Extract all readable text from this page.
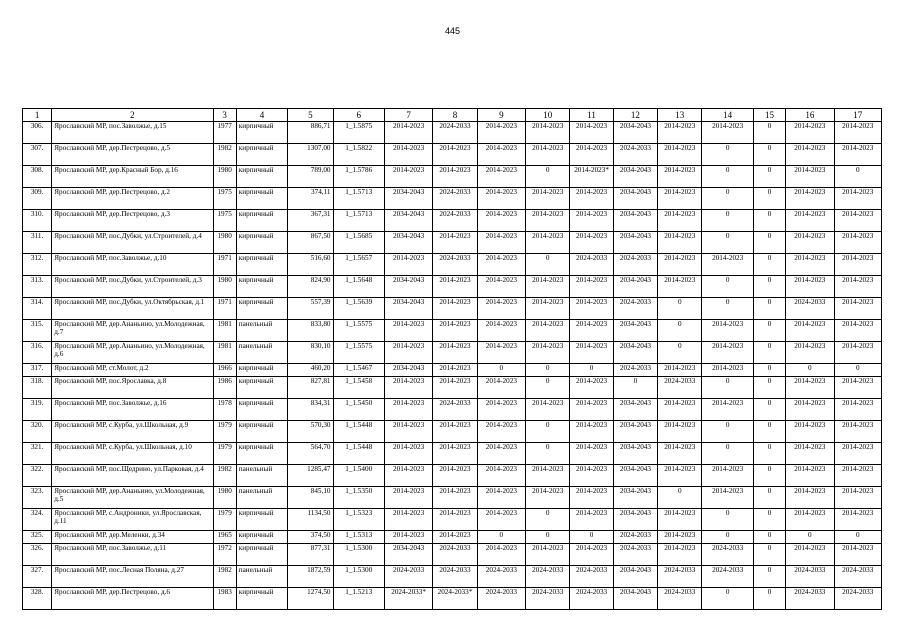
445
1	2	3	4	5	6	7	8	9	10	11	12	13	14	15	16	17
306.	Ярославский МР, пос.Заволжье, д.15	1977	кирпичный	886,71	1_1.5875	2014-2023	2024-2033	2014-2023	2014-2023	2014-2023	2034-2043	2014-2023	2014-2023	0	2014-2023	2014-2023
307.	Ярославский МР, дер.Пестрецово, д.5	1982	кирпичный	1307,00	1_1.5822	2014-2023	2014-2023	2014-2023	2014-2023	2014-2023	2024-2033	2014-2023	0	0	2014-2023	2014-2023
308.	Ярославский МР, дер.Красный Бор, д.16	1980	кирпичный	789,00	1_1.5786	2014-2023	2014-2023	2014-2023	0	2014-2023*	2034-2043	2014-2023	0	0	2014-2023	0
309.	Ярославский МР, дер.Пестрецово, д.2	1975	кирпичный	374,11	1_1.5713	2034-2043	2024-2033	2014-2023	2014-2023	2014-2023	2034-2043	2014-2023	0	0	2014-2023	2014-2023
310.	Ярославский МР, дер.Пестрецово, д.3	1975	кирпичный	367,31	1_1.5713	2034-2043	2024-2033	2014-2023	2014-2023	2014-2023	2034-2043	2014-2023	0	0	2014-2023	2014-2023
311.	Ярославский МР, пос.Дубки, ул.Строителей, д.4	1980	кирпичный	867,50	1_1.5685	2034-2043	2014-2023	2014-2023	2014-2023	2014-2023	2034-2043	2014-2023	0	0	2014-2023	2014-2023
312.	Ярославский МР, пос.Заволжье, д.10	1971	кирпичный	516,60	1_1.5657	2014-2023	2024-2033	2014-2023	0	2024-2033	2024-2033	2014-2023	2014-2023	0	2014-2023	2014-2023
313.	Ярославский МР, пос.Дубки, ул.Строителей, д.3	1980	кирпичный	824,90	1_1.5648	2034-2043	2014-2023	2014-2023	2014-2023	2014-2023	2034-2043	2014-2023	0	0	2014-2023	2014-2023
314.	Ярославский МР, пос.Дубки, ул.Октябрьская, д.1	1971	кирпичный	557,39	1_1.5639	2034-2043	2014-2023	2014-2023	2014-2023	2014-2023	2024-2033	0	0	0	2024-2033	2014-2023
315.	Ярославский МР, дер.Ананьино, ул.Молодежная, д.7	1981	панельный	833,80	1_1.5575	2014-2023	2014-2023	2014-2023	2014-2023	2014-2023	2034-2043	0	2014-2023	0	2014-2023	2014-2023
316.	Ярославский МР, дер.Ананьино, ул.Молодежная, д.6	1981	панельный	830,10	1_1.5575	2014-2023	2014-2023	2014-2023	2014-2023	2014-2023	2034-2043	0	2014-2023	0	2014-2023	2014-2023
317.	Ярославский МР, ст.Молот, д.2	1966	кирпичный	460,20	1_1.5467	2034-2043	2014-2023	0	0	0	2024-2033	2014-2023	2014-2023	0	0	0
318.	Ярославский МР, пос.Ярославка, д.8	1986	кирпичный	827,81	1_1.5458	2014-2023	2014-2023	2014-2023	0	2014-2023	0	2024-2033	0	0	2014-2023	2014-2023
319.	Ярославский МР, пос.Заволжье, д.16	1978	кирпичный	834,31	1_1.5450	2014-2023	2024-2033	2014-2023	2014-2023	2014-2023	2034-2043	2014-2023	2014-2023	0	2014-2023	2014-2023
320.	Ярославский МР, с.Курба, ул.Школьная, д.9	1979	кирпичный	570,30	1_1.5448	2014-2023	2014-2023	2014-2023	0	2014-2023	2034-2043	2014-2023	0	0	2014-2023	2014-2023
321.	Ярославский МР, с.Курба, ул.Школьная, д.10	1979	кирпичный	564,70	1_1.5448	2014-2023	2014-2023	2014-2023	0	2014-2023	2034-2043	2014-2023	0	0	2014-2023	2014-2023
322.	Ярославский МР, пос.Щедрино, ул.Парковая, д.4	1982	панельный	1285,47	1_1.5400	2014-2023	2014-2023	2014-2023	2014-2023	2014-2023	2034-2043	2014-2023	2014-2023	0	2014-2023	2014-2023
323.	Ярославский МР, дер.Ананьино, ул.Молодежная, д.5	1980	панельный	845,10	1_1.5350	2014-2023	2014-2023	2014-2023	2014-2023	2014-2023	2034-2043	0	2014-2023	0	2014-2023	2014-2023
324.	Ярославский МР, с.Андроники, ул.Ярославская, д.11	1979	кирпичный	1134,50	1_1.5323	2014-2023	2014-2023	2014-2023	0	2014-2023	2034-2043	2014-2023	0	0	2014-2023	2014-2023
325.	Ярославский МР, дер.Меленки, д.34	1965	кирпичный	374,50	1_1.5313	2014-2023	2014-2023	0	0	0	2024-2033	2014-2023	0	0	0	0
326.	Ярославский МР, пос.Заволжье, д.11	1972	кирпичный	877,31	1_1.5300	2034-2043	2024-2033	2014-2023	2014-2023	2014-2023	2024-2033	2014-2023	2024-2033	0	2014-2023	2014-2023
327.	Ярославский МР, пос.Лесная Поляна, д.27	1982	панельный	1872,59	1_1.5300	2024-2033	2024-2033	2024-2033	2024-2033	2024-2033	2034-2043	2024-2033	2024-2033	0	2024-2033	2024-2033
328.	Ярославский МР, дер.Пестрецово, д.6	1983	кирпичный	1274,50	1_1.5213	2024-2033*	2024-2033*	2024-2033	2024-2033	2024-2033	2034-2043	2024-2033	0	0	2024-2033	2024-2033
